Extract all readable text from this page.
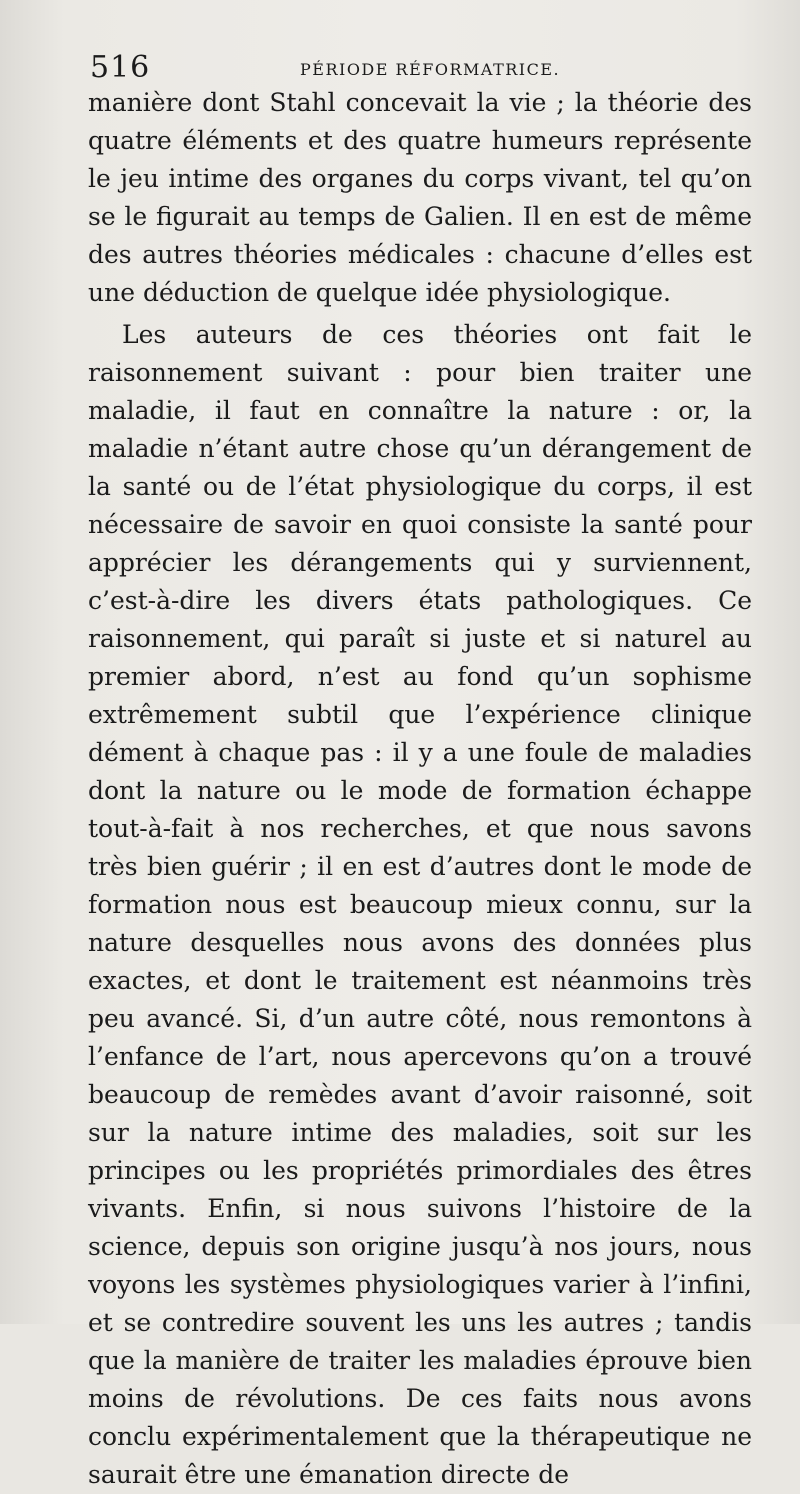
516	PÉRIODE RÉFORMATRICE.

manière dont Stahl concevait la vie ; la théorie des quatre éléments et des quatre humeurs représente le jeu intime des organes du corps vivant, tel qu’on se le figurait au temps de Galien. Il en est de même des autres théories médicales : chacune d’elles est une déduction de quelque idée physiologique.

Les auteurs de ces théories ont fait le raisonnement suivant : pour bien traiter une maladie, il faut en connaître la nature : or, la maladie n’étant autre chose qu’un dérangement de la santé ou de l’état physiologique du corps, il est nécessaire de savoir en quoi consiste la santé pour apprécier les dérangements qui y surviennent, c’est-à-dire les divers états pathologiques. Ce raisonnement, qui paraît si juste et si naturel au premier abord, n’est au fond qu’un sophisme extrêmement subtil que l’expérience clinique dément à chaque pas : il y a une foule de maladies dont la nature ou le mode de formation échappe tout-à-fait à nos recherches, et que nous savons très bien guérir ; il en est d’autres dont le mode de formation nous est beaucoup mieux connu, sur la nature desquelles nous avons des données plus exactes, et dont le traitement est néanmoins très peu avancé. Si, d’un autre côté, nous remontons à l’enfance de l’art, nous apercevons qu’on a trouvé beaucoup de remèdes avant d’avoir raisonné, soit sur la nature intime des maladies, soit sur les principes ou les propriétés primordiales des êtres vivants. Enfin, si nous suivons l’histoire de la science, depuis son origine jusqu’à nos jours, nous voyons les systèmes physiologiques varier à l’infini, et se contredire souvent les uns les autres ; tandis que la manière de traiter les maladies éprouve bien moins de révolutions. De ces faits nous avons conclu expérimentalement que la thérapeutique ne saurait être une émanation directe de
